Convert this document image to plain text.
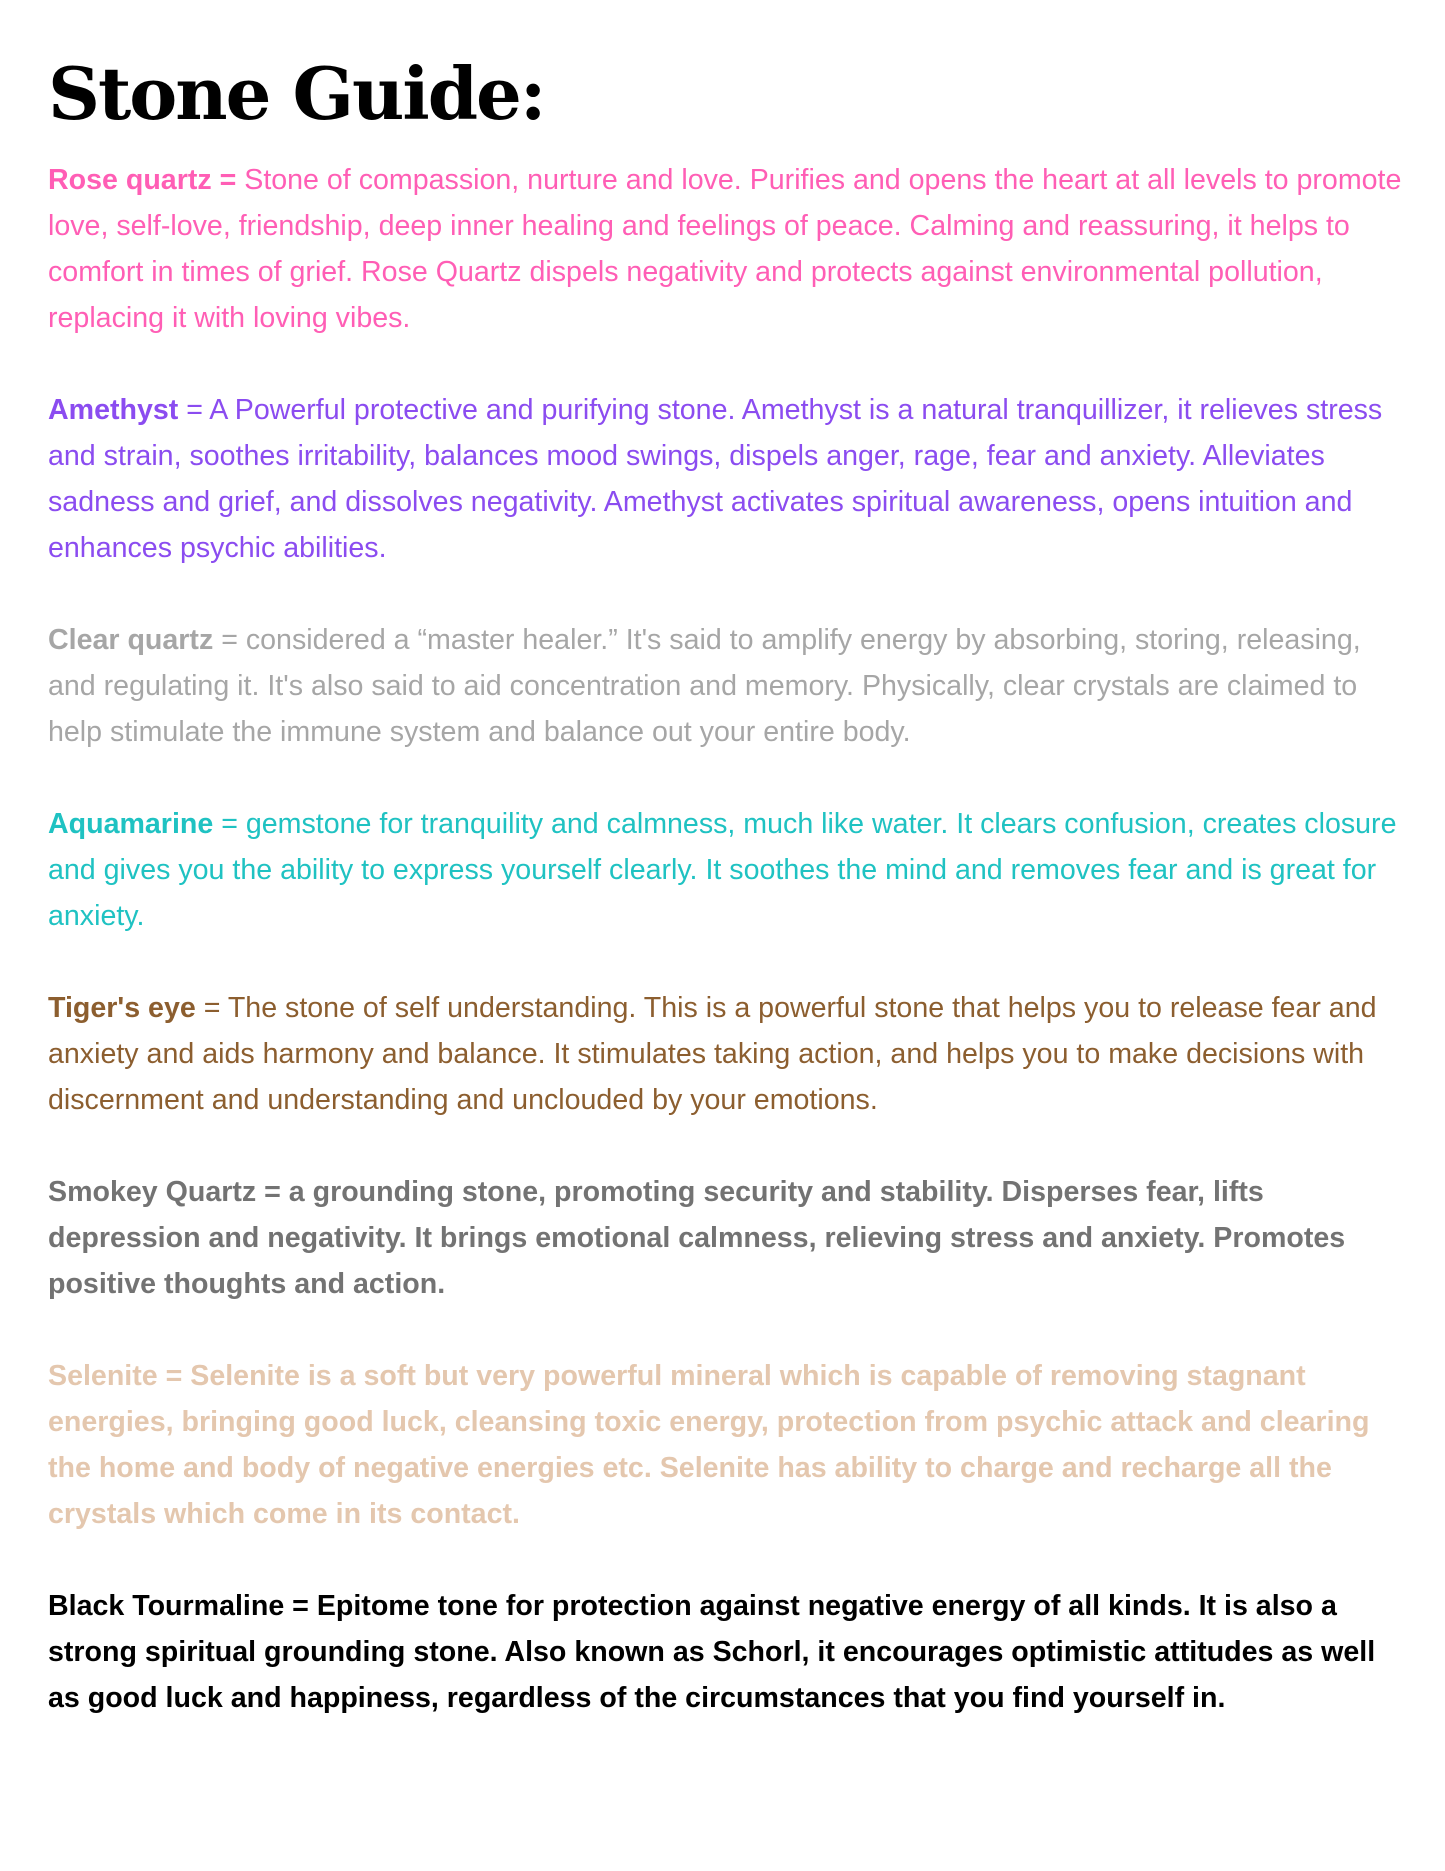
Stone Guide:

Rose quartz = Stone of compassion, nurture and love. Purifies and opens the heart at all levels to promote love, self-love, friendship, deep inner healing and feelings of peace. Calming and reassuring, it helps to comfort in times of grief. Rose Quartz dispels negativity and protects against environmental pollution, replacing it with loving vibes.

Amethyst = A Powerful protective and purifying stone. Amethyst is a natural tranquillizer, it relieves stress and strain, soothes irritability, balances mood swings, dispels anger, rage, fear and anxiety. Alleviates sadness and grief, and dissolves negativity. Amethyst activates spiritual awareness, opens intuition and enhances psychic abilities.

Clear quartz = considered a “master healer.” It's said to amplify energy by absorbing, storing, releasing, and regulating it. It's also said to aid concentration and memory. Physically, clear crystals are claimed to help stimulate the immune system and balance out your entire body.

Aquamarine = gemstone for tranquility and calmness, much like water. It clears confusion, creates closure and gives you the ability to express yourself clearly. It soothes the mind and removes fear and is great for anxiety.

Tiger's eye = The stone of self understanding. This is a powerful stone that helps you to release fear and anxiety and aids harmony and balance. It stimulates taking action, and helps you to make decisions with discernment and understanding and unclouded by your emotions.

Smokey Quartz = a grounding stone, promoting security and stability. Disperses fear, lifts depression and negativity. It brings emotional calmness, relieving stress and anxiety. Promotes positive thoughts and action.

Selenite = Selenite is a soft but very powerful mineral which is capable of removing stagnant energies, bringing good luck, cleansing toxic energy, protection from psychic attack and clearing the home and body of negative energies etc. Selenite has ability to charge and recharge all the crystals which come in its contact.

Black Tourmaline = Epitome tone for protection against negative energy of all kinds. It is also a strong spiritual grounding stone. Also known as Schorl, it encourages optimistic attitudes as well as good luck and happiness, regardless of the circumstances that you find yourself in.
